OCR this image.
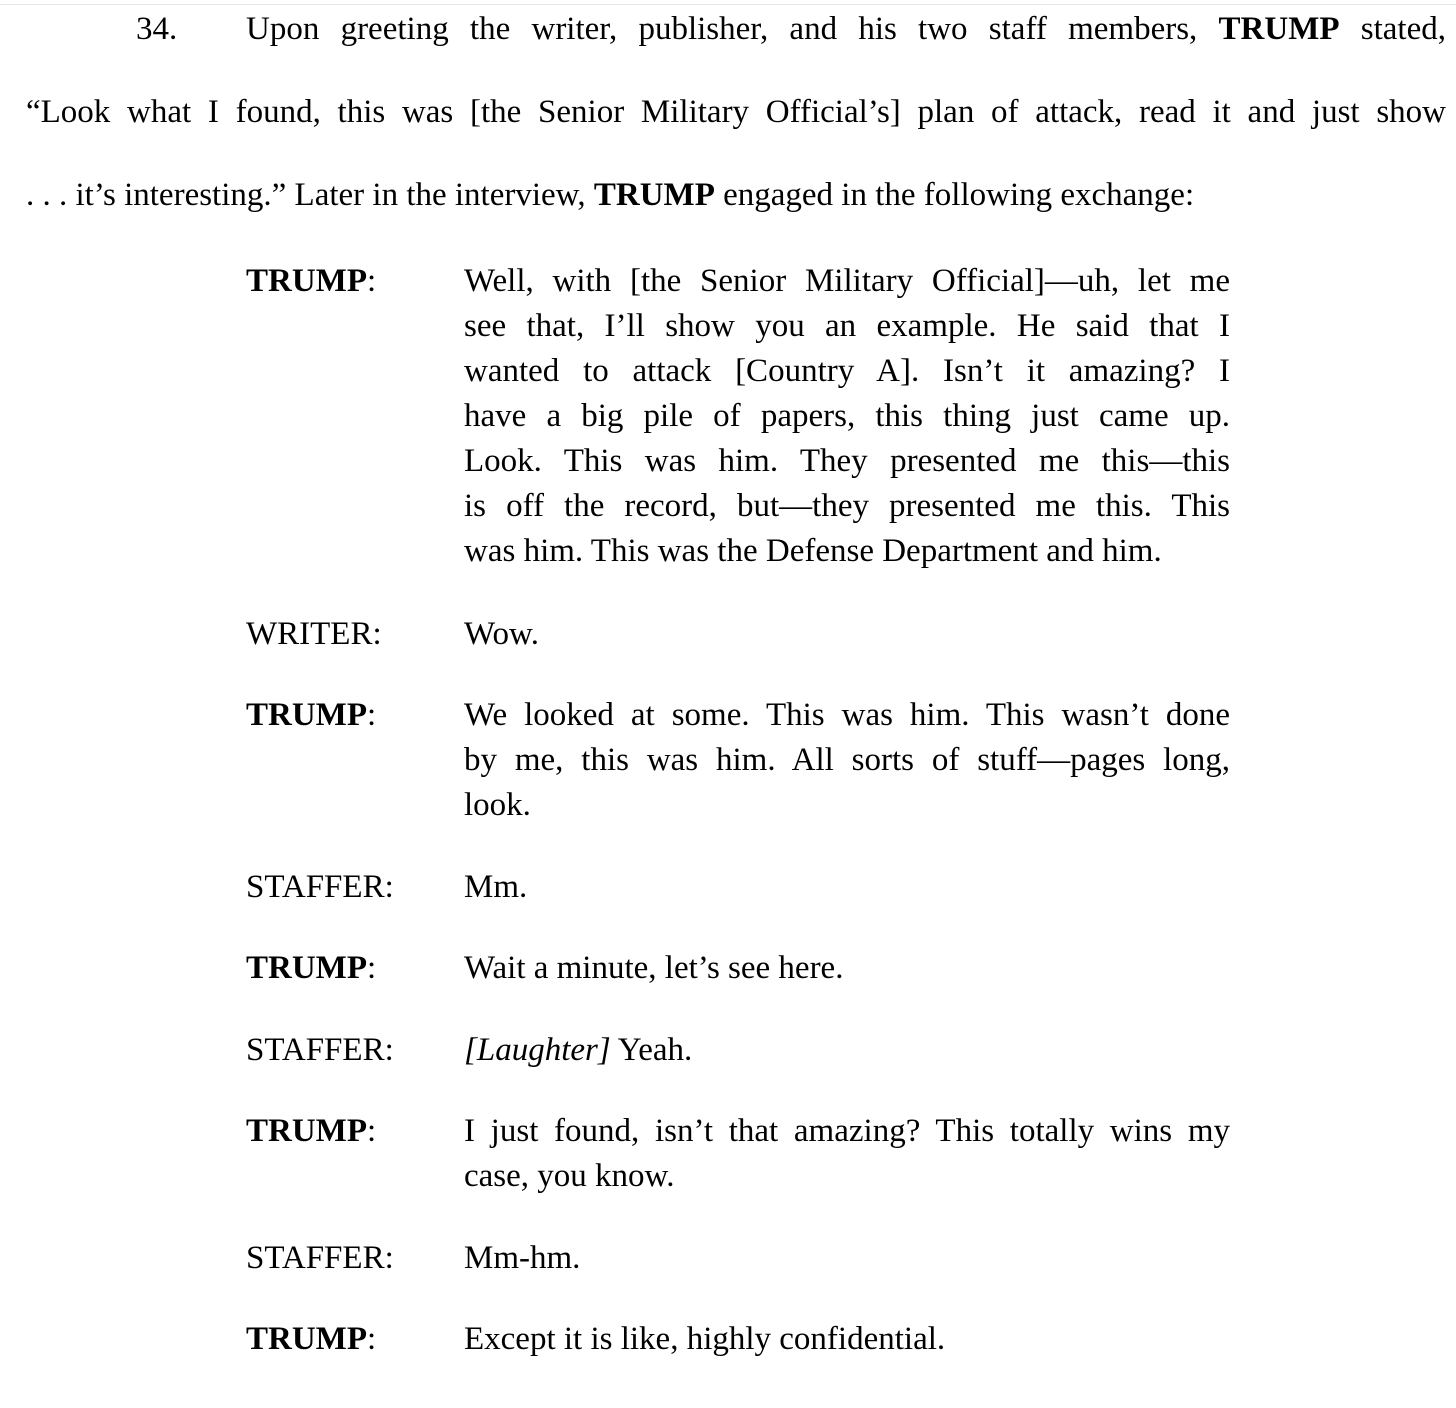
34. Upon greeting the writer, publisher, and his two staff members, TRUMP stated,
“Look what I found, this was [the Senior Military Official’s] plan of attack, read it and just show
. . . it’s interesting.” Later in the interview, TRUMP engaged in the following exchange:
TRUMP:	Well, with [the Senior Military Official]—uh, let me
see that, I’ll show you an example. He said that I
wanted to attack [Country A]. Isn’t it amazing? I
have a big pile of papers, this thing just came up.
Look. This was him. They presented me this—this
is off the record, but—they presented me this. This
was him. This was the Defense Department and him.
WRITER: Wow.
TRUMP:	We looked at some. This was him. This wasn’t done
by me, this was him. All sorts of stuff—pages long,
look.
STAFFER: Mm.
TRUMP:	Wait a minute, let’s see here.
STAFFER: [Laughter] Yeah.
TRUMP:	I just found, isn’t that amazing? This totally wins my
case, you know.
STAFFER: Mm-hm.
TRUMP:	Except it is like, highly confidential.
